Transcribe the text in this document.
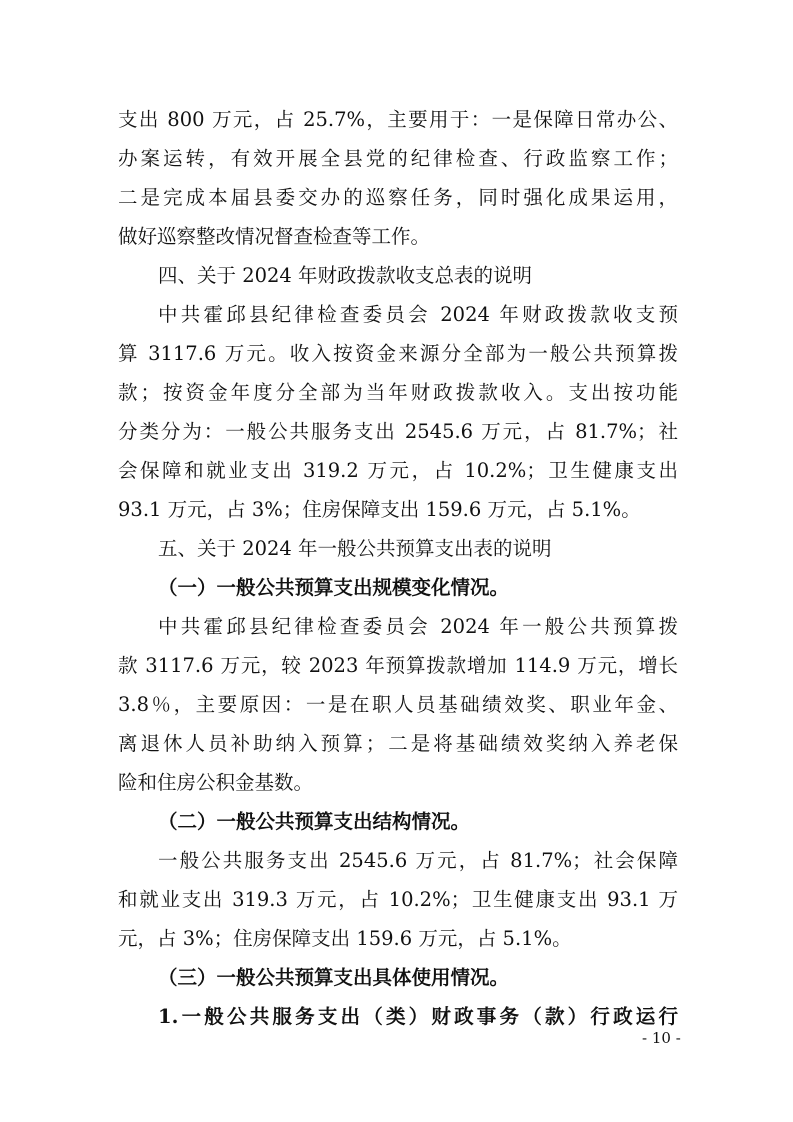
支出 800 万元，占 25.7%，主要用于：一是保障日常办公、
办案运转，有效开展全县党的纪律检查、行政监察工作；
二是完成本届县委交办的巡察任务，同时强化成果运用，
做好巡察整改情况督查检查等工作。
四、关于 2024 年财政拨款收支总表的说明
中共霍邱县纪律检查委员会 2024 年财政拨款收支预
算 3117.6 万元。收入按资金来源分全部为一般公共预算拨
款；按资金年度分全部为当年财政拨款收入。支出按功能
分类分为：一般公共服务支出 2545.6 万元，占 81.7%；社
会保障和就业支出 319.2 万元，占 10.2%；卫生健康支出
93.1 万元，占 3%；住房保障支出 159.6 万元，占 5.1%。
五、关于 2024 年一般公共预算支出表的说明
（一）一般公共预算支出规模变化情况。
中共霍邱县纪律检查委员会 2024 年一般公共预算拨
款 3117.6 万元，较 2023 年预算拨款增加 114.9 万元，增长
3.8％，主要原因：一是在职人员基础绩效奖、职业年金、
离退休人员补助纳入预算；二是将基础绩效奖纳入养老保
险和住房公积金基数。
（二）一般公共预算支出结构情况。
一般公共服务支出 2545.6 万元，占 81.7%；社会保障
和就业支出 319.3 万元，占 10.2%；卫生健康支出 93.1 万
元，占 3%；住房保障支出 159.6 万元，占 5.1%。
（三）一般公共预算支出具体使用情况。
1.一般公共服务支出（类）财政事务（款）行政运行
- 10 -
